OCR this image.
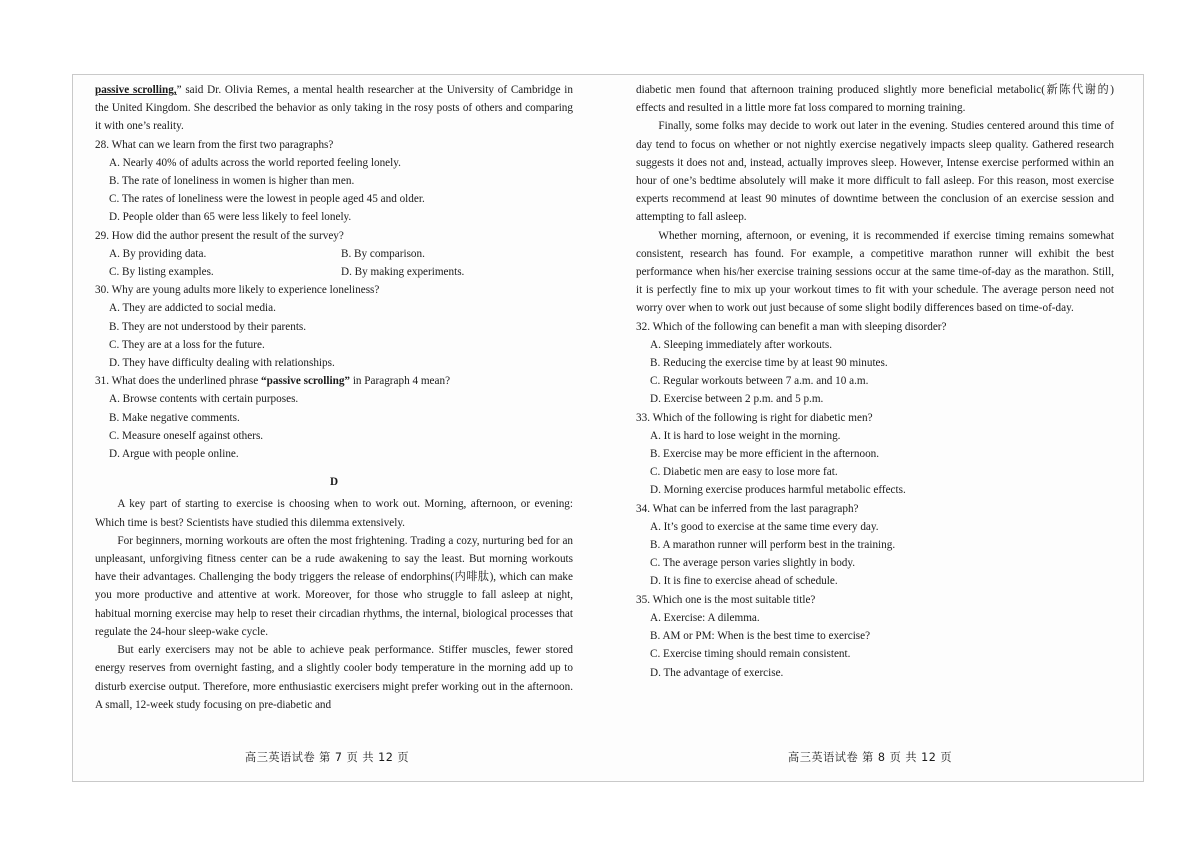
passive scrolling,” said Dr. Olivia Remes, a mental health researcher at the University of Cambridge in the United Kingdom. She described the behavior as only taking in the rosy posts of others and comparing it with one’s reality.

28. What can we learn from the first two paragraphs?

A. Nearly 40% of adults across the world reported feeling lonely.

B. The rate of loneliness in women is higher than men.

C. The rates of loneliness were the lowest in people aged 45 and older.

D. People older than 65 were less likely to feel lonely.

29. How did the author present the result of the survey?

A. By providing data.	B. By comparison.
C. By listing examples.	D. By making experiments.

30. Why are young adults more likely to experience loneliness?

A. They are addicted to social media.

B. They are not understood by their parents.

C. They are at a loss for the future.

D. They have difficulty dealing with relationships.

31. What does the underlined phrase “passive scrolling” in Paragraph 4 mean?

A. Browse contents with certain purposes.

B. Make negative comments.

C. Measure oneself against others.

D. Argue with people online.

D

A key part of starting to exercise is choosing when to work out. Morning, afternoon, or evening: Which time is best? Scientists have studied this dilemma extensively.

For beginners, morning workouts are often the most frightening. Trading a cozy, nurturing bed for an unpleasant, unforgiving fitness center can be a rude awakening to say the least. But morning workouts have their advantages. Challenging the body triggers the release of endorphins(内啡肽), which can make you more productive and attentive at work. Moreover, for those who struggle to fall asleep at night, habitual morning exercise may help to reset their circadian rhythms, the internal, biological processes that regulate the 24-hour sleep-wake cycle.

But early exercisers may not be able to achieve peak performance. Stiffer muscles, fewer stored energy reserves from overnight fasting, and a slightly cooler body temperature in the morning add up to disturb exercise output. Therefore, more enthusiastic exercisers might prefer working out in the afternoon. A small, 12-week study focusing on pre-diabetic and

diabetic men found that afternoon training produced slightly more beneficial metabolic(新陈代谢的) effects and resulted in a little more fat loss compared to morning training.

Finally, some folks may decide to work out later in the evening. Studies centered around this time of day tend to focus on whether or not nightly exercise negatively impacts sleep quality. Gathered research suggests it does not and, instead, actually improves sleep. However, Intense exercise performed within an hour of one’s bedtime absolutely will make it more difficult to fall asleep. For this reason, most exercise experts recommend at least 90 minutes of downtime between the conclusion of an exercise session and attempting to fall asleep.

Whether morning, afternoon, or evening, it is recommended if exercise timing remains somewhat consistent, research has found. For example, a competitive marathon runner will exhibit the best performance when his/her exercise training sessions occur at the same time-of-day as the marathon. Still, it is perfectly fine to mix up your workout times to fit with your schedule. The average person need not worry over when to work out just because of some slight bodily differences based on time-of-day.

32. Which of the following can benefit a man with sleeping disorder?

A. Sleeping immediately after workouts.

B. Reducing the exercise time by at least 90 minutes.

C. Regular workouts between 7 a.m. and 10 a.m.

D. Exercise between 2 p.m. and 5 p.m.

33. Which of the following is right for diabetic men?

A. It is hard to lose weight in the morning.

B. Exercise may be more efficient in the afternoon.

C. Diabetic men are easy to lose more fat.

D. Morning exercise produces harmful metabolic effects.

34. What can be inferred from the last paragraph?

A. It’s good to exercise at the same time every day.

B. A marathon runner will perform best in the training.

C. The average person varies slightly in body.

D. It is fine to exercise ahead of schedule.

35. Which one is the most suitable title?

A. Exercise: A dilemma.

B. AM or PM: When is the best time to exercise?

C. Exercise timing should remain consistent.

D. The advantage of exercise.

高三英语试卷 第 7 页 共 12 页	高三英语试卷 第 8 页 共 12 页
